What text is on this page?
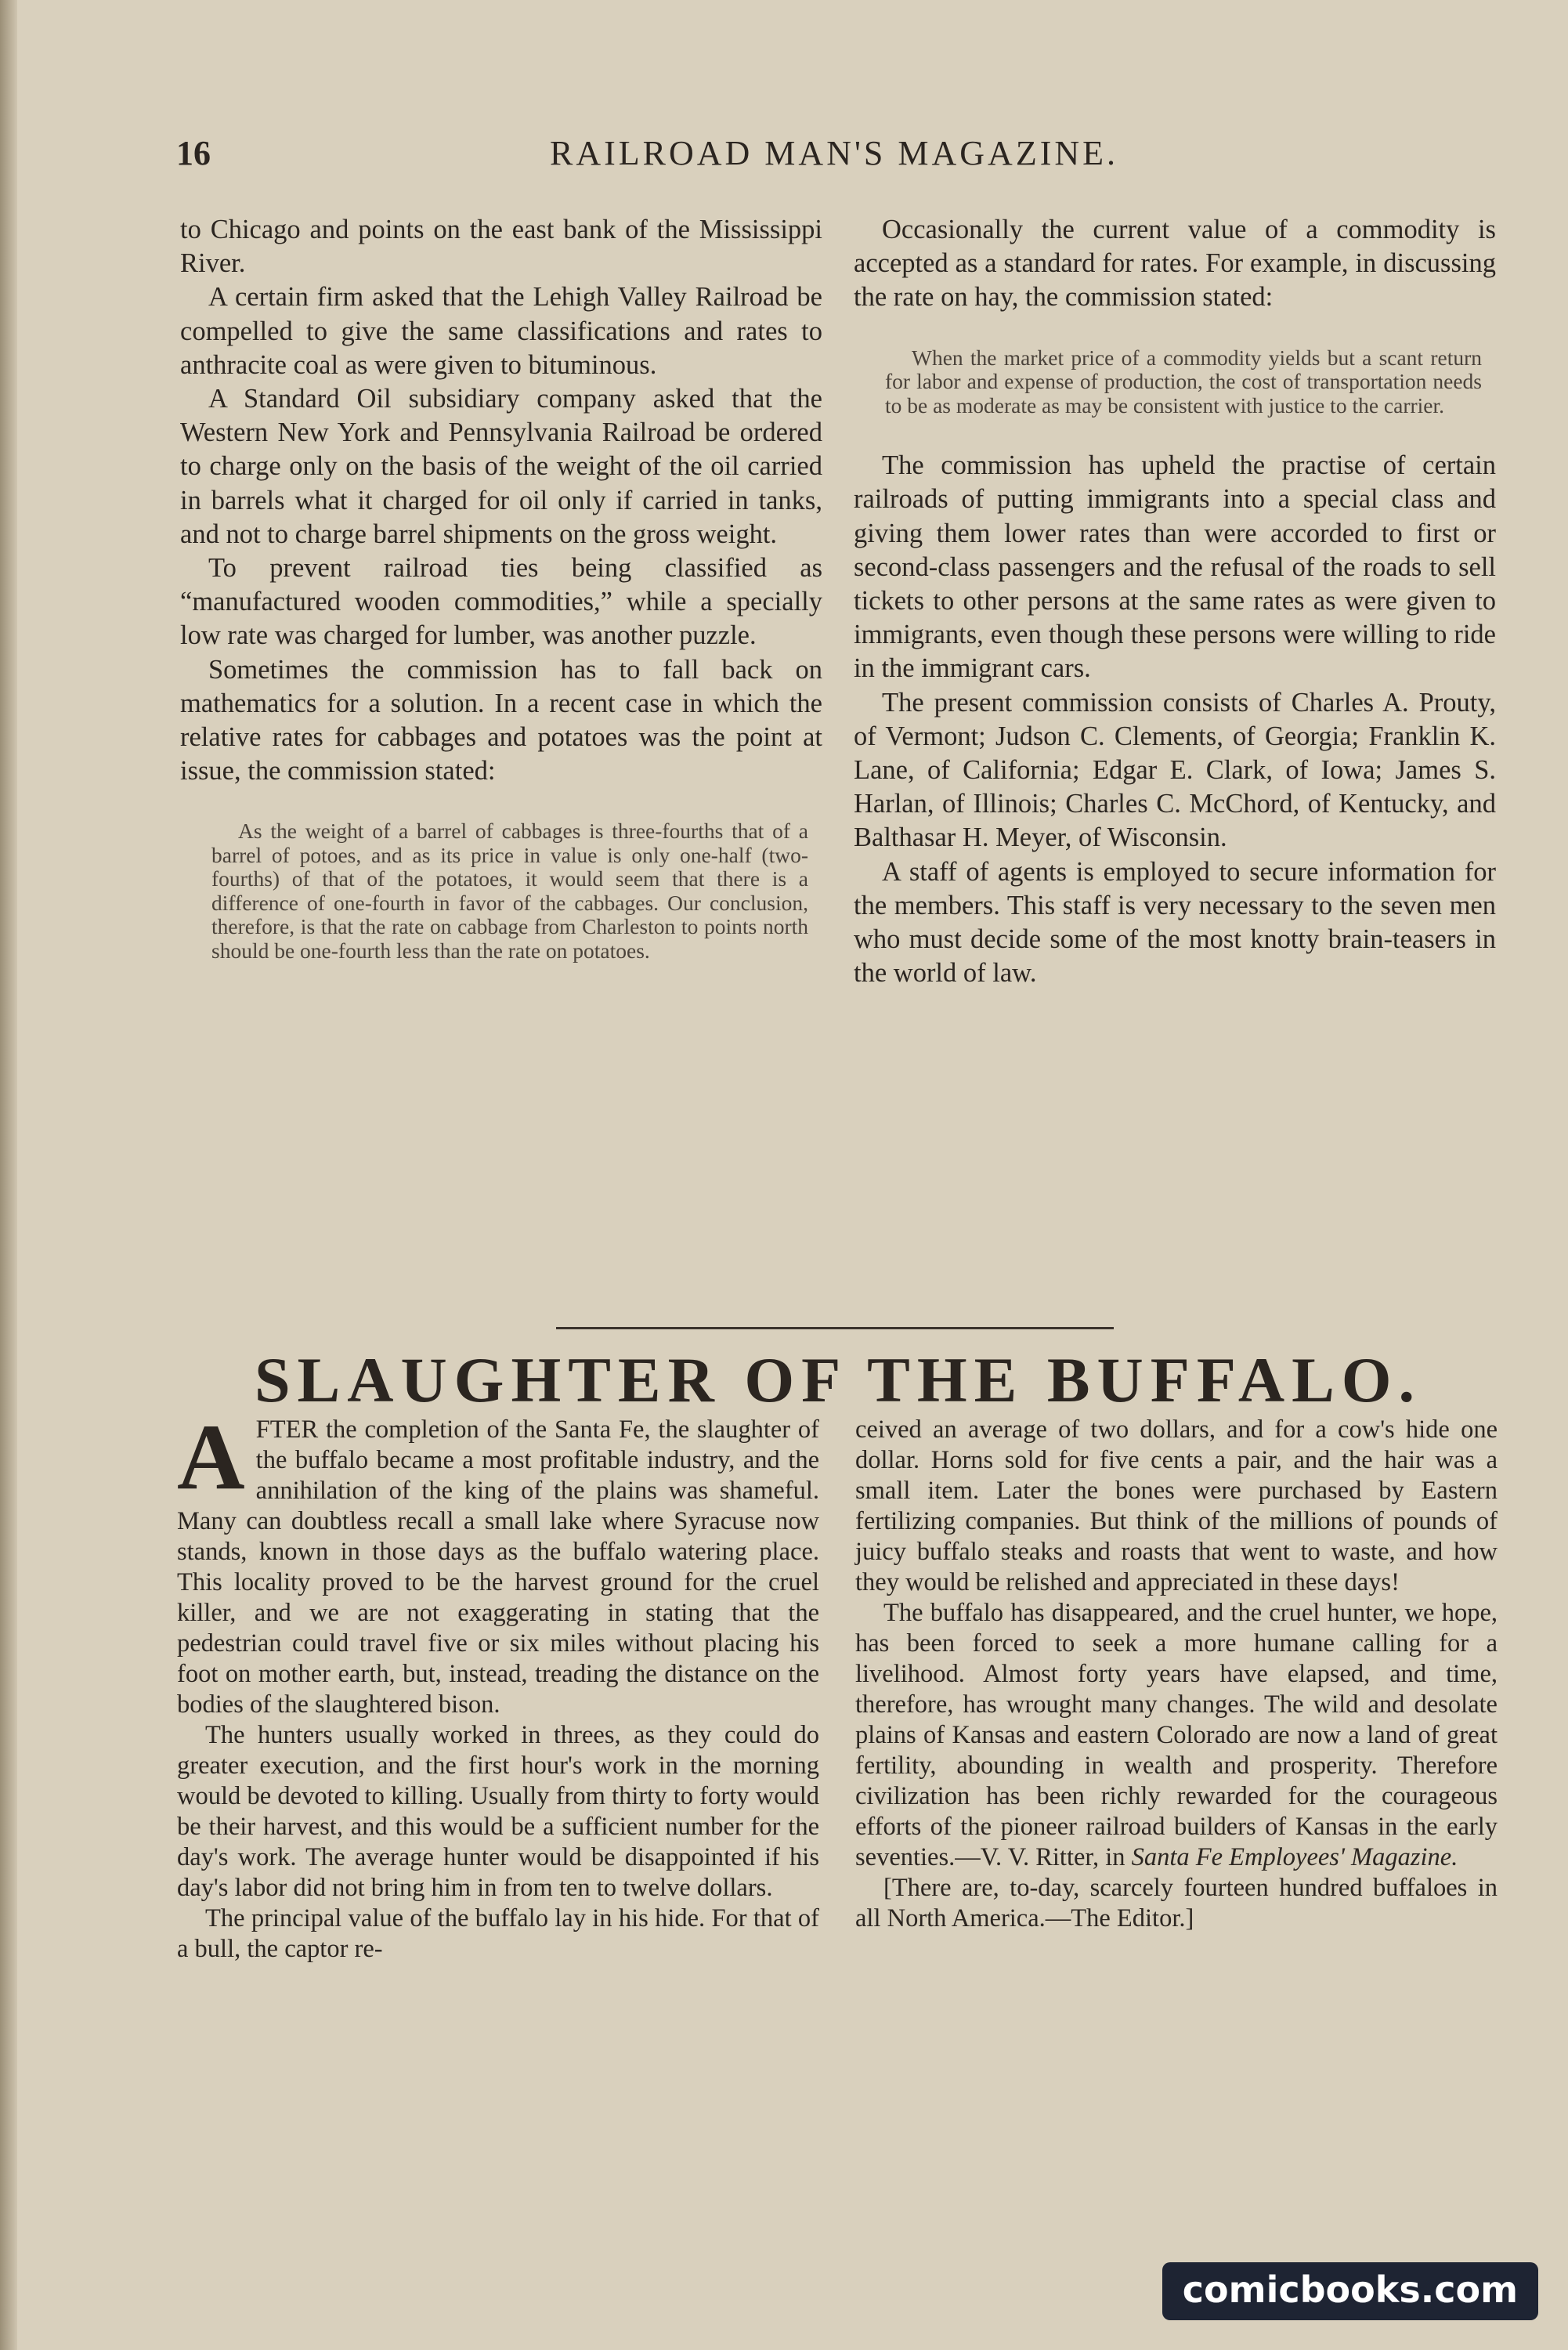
16	RAILROAD MAN'S MAGAZINE.

to Chicago and points on the east bank of the Mississippi River.

A certain firm asked that the Lehigh Valley Railroad be compelled to give the same classifications and rates to anthracite coal as were given to bituminous.

A Standard Oil subsidiary company asked that the Western New York and Pennsylvania Railroad be ordered to charge only on the basis of the weight of the oil carried in barrels what it charged for oil only if carried in tanks, and not to charge barrel shipments on the gross weight.

To prevent railroad ties being classified as “manufactured wooden commodities,” while a specially low rate was charged for lumber, was another puzzle.

Sometimes the commission has to fall back on mathematics for a solution. In a recent case in which the relative rates for cabbages and potatoes was the point at issue, the commission stated:

As the weight of a barrel of cabbages is three-fourths that of a barrel of potoes, and as its price in value is only one-half (two-fourths) of that of the potatoes, it would seem that there is a difference of one-fourth in favor of the cabbages. Our conclusion, therefore, is that the rate on cabbage from Charleston to points north should be one-fourth less than the rate on potatoes.

Occasionally the current value of a commodity is accepted as a standard for rates. For example, in discussing the rate on hay, the commission stated:

When the market price of a commodity yields but a scant return for labor and expense of production, the cost of transportation needs to be as moderate as may be consistent with justice to the carrier.

The commission has upheld the practise of certain railroads of putting immigrants into a special class and giving them lower rates than were accorded to first or second-class passengers and the refusal of the roads to sell tickets to other persons at the same rates as were given to immigrants, even though these persons were willing to ride in the immigrant cars.

The present commission consists of Charles A. Prouty, of Vermont; Judson C. Clements, of Georgia; Franklin K. Lane, of California; Edgar E. Clark, of Iowa; James S. Harlan, of Illinois; Charles C. McChord, of Kentucky, and Balthasar H. Meyer, of Wisconsin.

A staff of agents is employed to secure information for the members. This staff is very necessary to the seven men who must decide some of the most knotty brain-teasers in the world of law.

SLAUGHTER OF THE BUFFALO.

AFTER the completion of the Santa Fe, the slaughter of the buffalo became a most profitable industry, and the annihilation of the king of the plains was shameful. Many can doubtless recall a small lake where Syracuse now stands, known in those days as the buffalo watering place. This locality proved to be the harvest ground for the cruel killer, and we are not exaggerating in stating that the pedestrian could travel five or six miles without placing his foot on mother earth, but, instead, treading the distance on the bodies of the slaughtered bison.

The hunters usually worked in threes, as they could do greater execution, and the first hour's work in the morning would be devoted to killing. Usually from thirty to forty would be their harvest, and this would be a sufficient number for the day's work. The average hunter would be disappointed if his day's labor did not bring him in from ten to twelve dollars.

The principal value of the buffalo lay in his hide. For that of a bull, the captor re-

ceived an average of two dollars, and for a cow's hide one dollar. Horns sold for five cents a pair, and the hair was a small item. Later the bones were purchased by Eastern fertilizing companies. But think of the millions of pounds of juicy buffalo steaks and roasts that went to waste, and how they would be relished and appreciated in these days!

The buffalo has disappeared, and the cruel hunter, we hope, has been forced to seek a more humane calling for a livelihood. Almost forty years have elapsed, and time, therefore, has wrought many changes. The wild and desolate plains of Kansas and eastern Colorado are now a land of great fertility, abounding in wealth and prosperity. Therefore civilization has been richly rewarded for the courageous efforts of the pioneer railroad builders of Kansas in the early seventies.—V. V. Ritter, in Santa Fe Employees' Magazine.

[There are, to-day, scarcely fourteen hundred buffaloes in all North America.—The Editor.]

comicbooks.com
